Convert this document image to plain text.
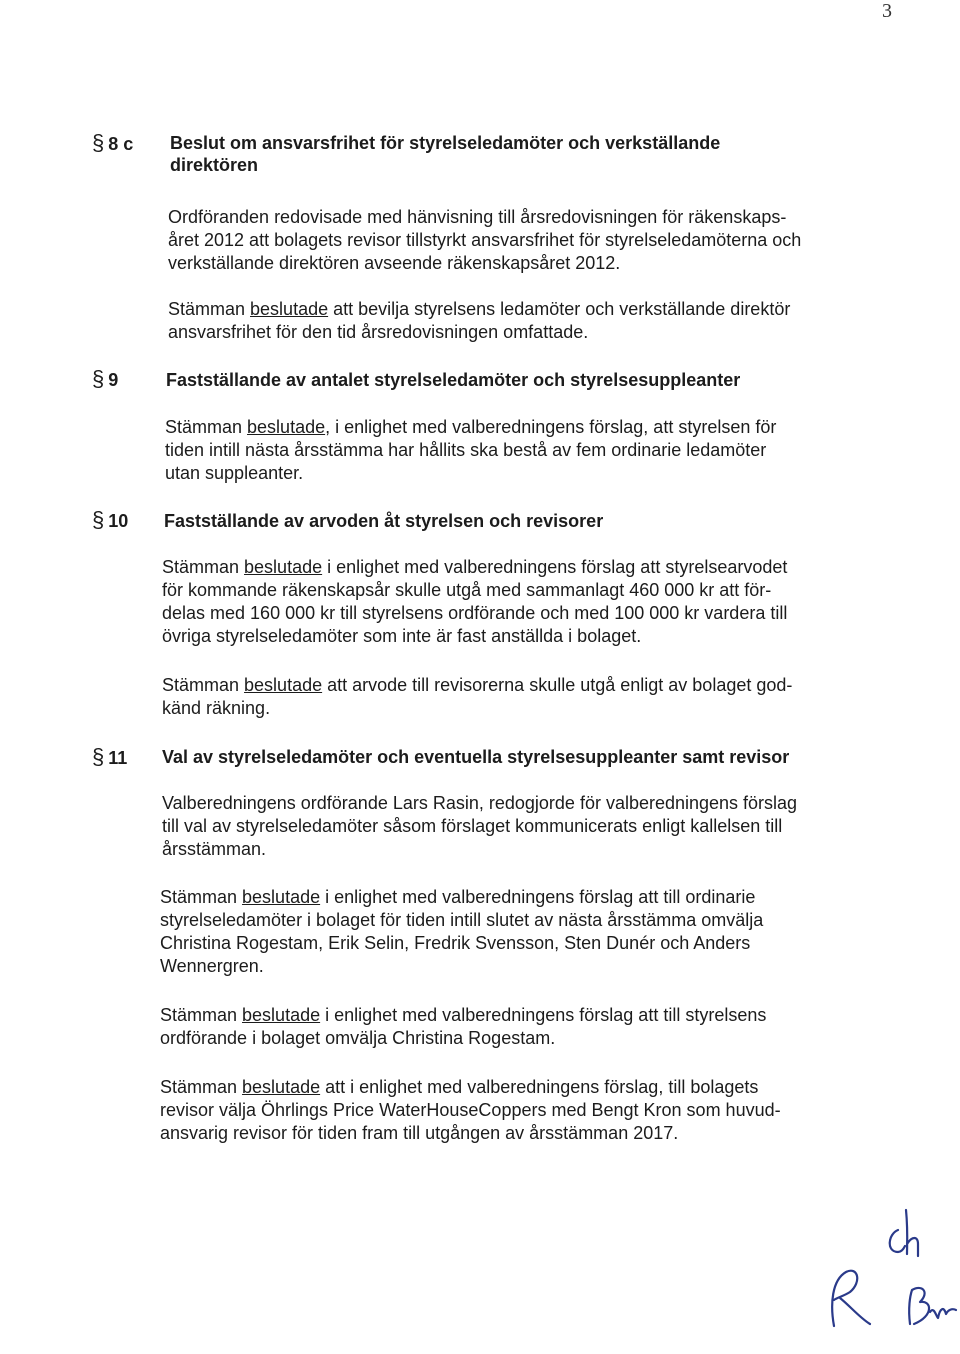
3
§ 8 c Beslut om ansvarsfrihet för styrelseledamöter och verkställande
direktören
Ordföranden redovisade med hänvisning till årsredovisningen för räkenskaps-
året 2012 att bolagets revisor tillstyrkt ansvarsfrihet för styrelseledamöterna och
verkställande direktören avseende räkenskapsåret 2012.
Stämman beslutade att bevilja styrelsens ledamöter och verkställande direktör
ansvarsfrihet för den tid årsredovisningen omfattade.
§ 9	Fastställande av antalet styrelseledamöter och styrelsesuppleanter
Stämman beslutade, i enlighet med valberedningens förslag, att styrelsen för
tiden intill nästa årsstämma har hållits ska bestå av fem ordinarie ledamöter
utan suppleanter.
§ 10 Fastställande av arvoden åt styrelsen och revisorer
Stämman beslutade i enlighet med valberedningens förslag att styrelsearvodet
för kommande räkenskapsår skulle utgå med sammanlagt 460 000 kr att för-
delas med 160 000 kr till styrelsens ordförande och med 100 000 kr vardera till
övriga styrelseledamöter som inte är fast anställda i bolaget.
Stämman beslutade att arvode till revisorerna skulle utgå enligt av bolaget god-
känd räkning.
§ 11 Val av styrelseledamöter och eventuella styrelsesuppleanter samt revisor
Valberedningens ordförande Lars Rasin, redogjorde för valberedningens förslag
till val av styrelseledamöter såsom förslaget kommunicerats enligt kallelsen till
årsstämman.
Stämman beslutade i enlighet med valberedningens förslag att till ordinarie
styrelseledamöter i bolaget för tiden intill slutet av nästa årsstämma omvälja
Christina Rogestam, Erik Selin, Fredrik Svensson, Sten Dunér och Anders
Wennergren.
Stämman beslutade i enlighet med valberedningens förslag att till styrelsens
ordförande i bolaget omvälja Christina Rogestam.
Stämman beslutade att i enlighet med valberedningens förslag, till bolagets
revisor välja Öhrlings Price WaterHouseCoppers med Bengt Kron som huvud-
ansvarig revisor för tiden fram till utgången av årsstämman 2017.
